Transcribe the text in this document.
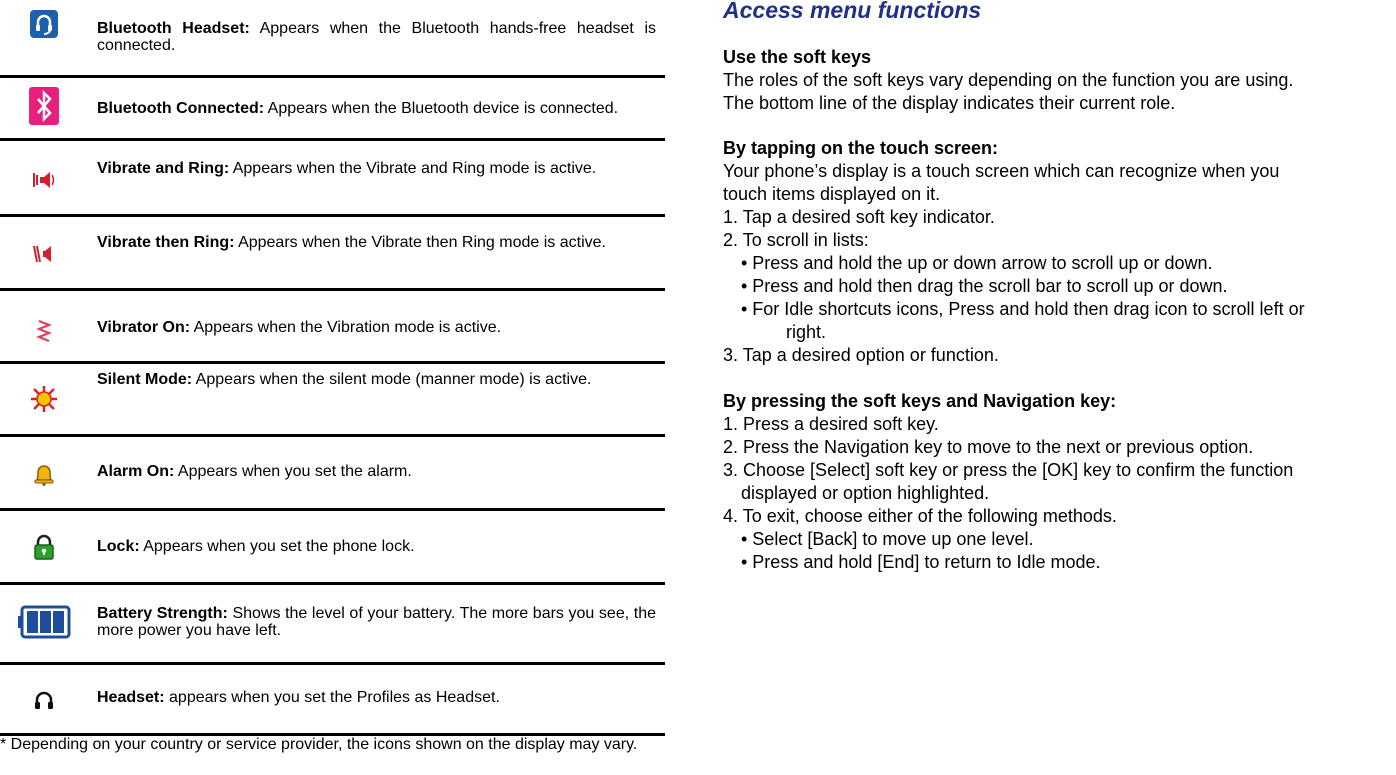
Bluetooth Headset: Appears when the Bluetooth hands-free headset is connected.
Bluetooth Connected: Appears when the Bluetooth device is connected.
Vibrate and Ring: Appears when the Vibrate and Ring mode is active.
Vibrate then Ring: Appears when the Vibrate then Ring mode is active.
Vibrator On: Appears when the Vibration mode is active.
Silent Mode: Appears when the silent mode (manner mode) is active.
Alarm On: Appears when you set the alarm.
Lock: Appears when you set the phone lock.
Battery Strength: Shows the level of your battery. The more bars you see, the more power you have left.
Headset: appears when you set the Profiles as Headset.
* Depending on your country or service provider, the icons shown on the display may vary.
Access menu functions

Use the soft keys

The roles of the soft keys vary depending on the function you are using.

The bottom line of the display indicates their current role.

By tapping on the touch screen:

Your phone’s display is a touch screen which can recognize when you

touch items displayed on it.

1. Tap a desired soft key indicator.

2. To scroll in lists:

• Press and hold the up or down arrow to scroll up or down.

• Press and hold then drag the scroll bar to scroll up or down.

• For Idle shortcuts icons, Press and hold then drag icon to scroll left or

right.

3. Tap a desired option or function.

By pressing the soft keys and Navigation key:

1. Press a desired soft key.

2. Press the Navigation key to move to the next or previous option.

3. Choose [Select] soft key or press the [OK] key to confirm the function

displayed or option highlighted.

4. To exit, choose either of the following methods.

• Select [Back] to move up one level.

• Press and hold [End] to return to Idle mode.
